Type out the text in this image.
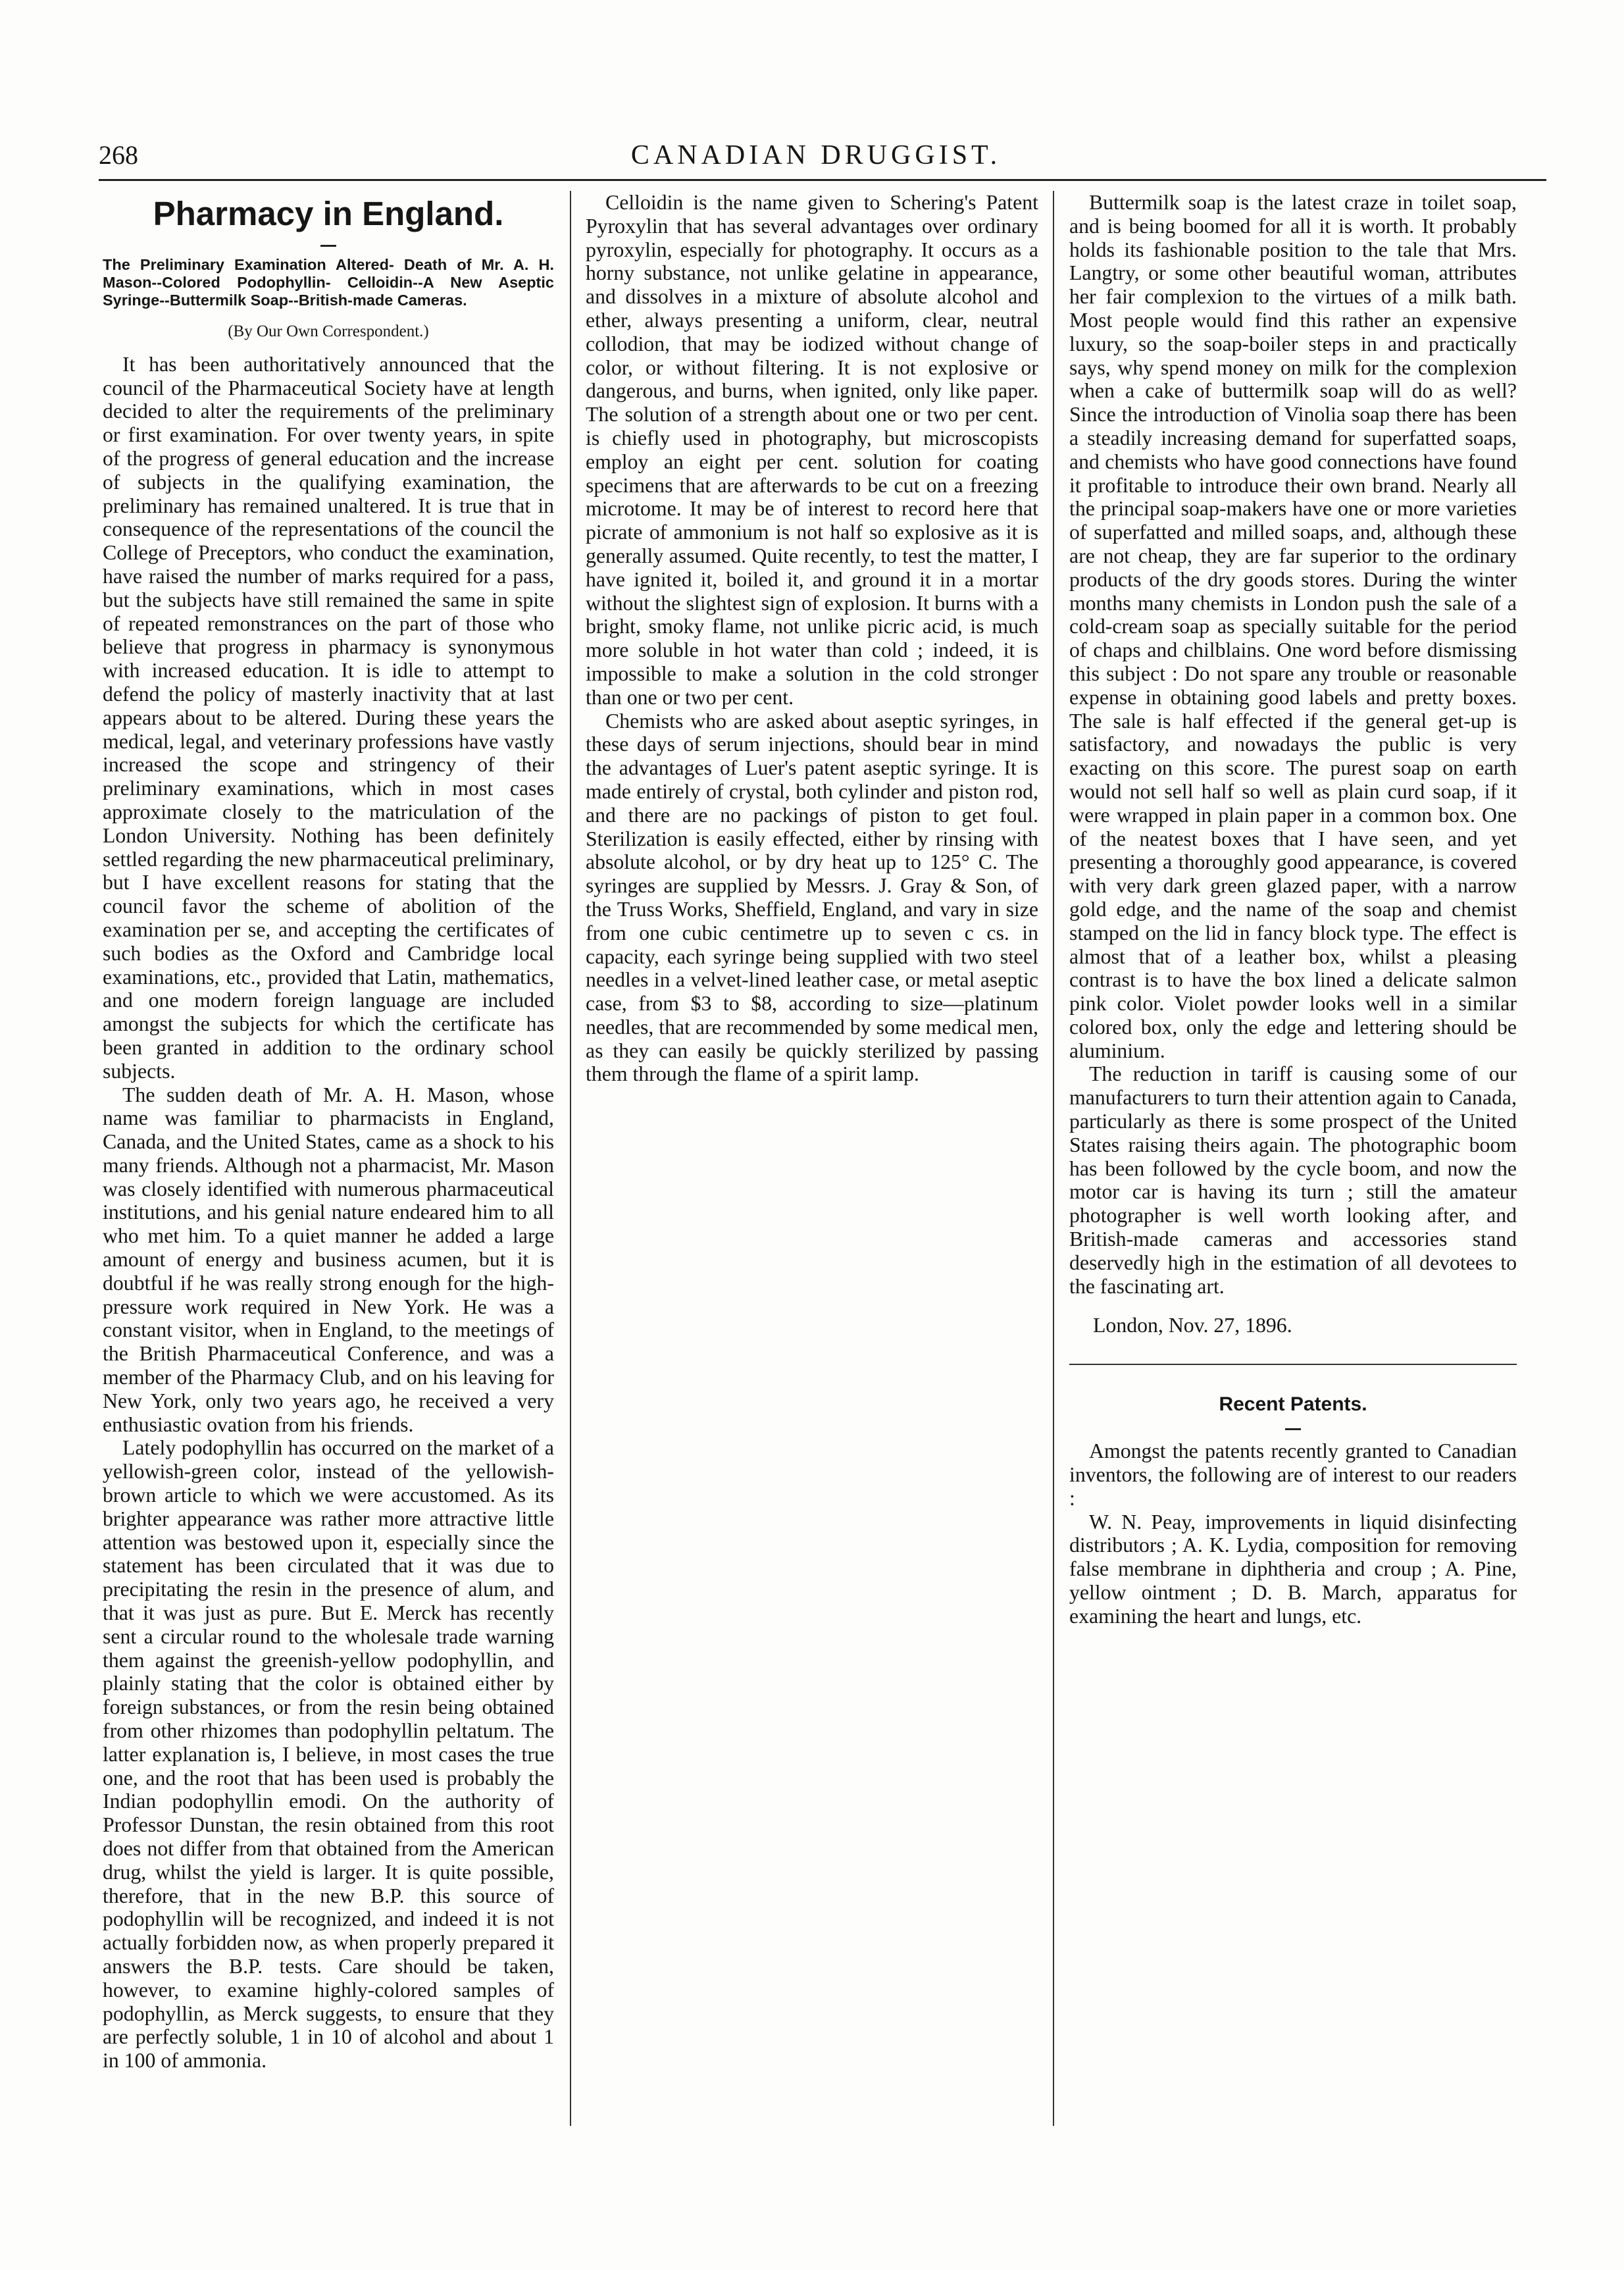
268	CANADIAN DRUGGIST.
Pharmacy in England.

The Preliminary Examination Altered- Death of Mr. A. H. Mason--Colored Podophyllin- Celloidin--A New Aseptic Syringe--Buttermilk Soap--British-made Cameras.

(By Our Own Correspondent.)

It has been authoritatively announced that the council of the Pharmaceutical Society have at length decided to alter the requirements of the preliminary or first examination. For over twenty years, in spite of the progress of general education and the increase of subjects in the qualifying examination, the preliminary has remained unaltered. It is true that in consequence of the representations of the council the College of Preceptors, who conduct the examination, have raised the number of marks required for a pass, but the subjects have still remained the same in spite of repeated remonstrances on the part of those who believe that progress in pharmacy is synonymous with increased education. It is idle to attempt to defend the policy of masterly inactivity that at last appears about to be altered. During these years the medical, legal, and veterinary professions have vastly increased the scope and stringency of their preliminary examinations, which in most cases approximate closely to the matriculation of the London University. Nothing has been definitely settled regarding the new pharmaceutical preliminary, but I have excellent reasons for stating that the council favor the scheme of abolition of the examination per se, and accepting the certificates of such bodies as the Oxford and Cambridge local examinations, etc., provided that Latin, mathematics, and one modern foreign language are included amongst the subjects for which the certificate has been granted in addition to the ordinary school subjects.

The sudden death of Mr. A. H. Mason, whose name was familiar to pharmacists in England, Canada, and the United States, came as a shock to his many friends. Although not a pharmacist, Mr. Mason was closely identified with numerous pharmaceutical institutions, and his genial nature endeared him to all who met him. To a quiet manner he added a large amount of energy and business acumen, but it is doubtful if he was really strong enough for the high-pressure work required in New York. He was a constant visitor, when in England, to the meetings of the British Pharmaceutical Conference, and was a member of the Pharmacy Club, and on his leaving for New York, only two years ago, he received a very enthusiastic ovation from his friends.

Lately podophyllin has occurred on the market of a yellowish-green color, instead of the yellowish-brown article to which we were accustomed. As its brighter appearance was rather more attractive little attention was bestowed upon it, especially since the statement has been circulated that it was due to precipitating the resin in the presence of alum, and that it was just as pure. But E. Merck has recently sent a circular round to the wholesale trade warning them against the greenish-yellow podophyllin, and plainly stating that the color is obtained either by foreign substances, or from the resin being obtained from other rhizomes than podophyllin peltatum. The latter explanation is, I believe, in most cases the true one, and the root that has been used is probably the Indian podophyllin emodi. On the authority of Professor Dunstan, the resin obtained from this root does not differ from that obtained from the American drug, whilst the yield is larger. It is quite possible, therefore, that in the new B.P. this source of podophyllin will be recognized, and indeed it is not actually forbidden now, as when properly prepared it answers the B.P. tests. Care should be taken, however, to examine highly-colored samples of podophyllin, as Merck suggests, to ensure that they are perfectly soluble, 1 in 10 of alcohol and about 1 in 100 of ammonia.

Celloidin is the name given to Schering's Patent Pyroxylin that has several advantages over ordinary pyroxylin, especially for photography. It occurs as a horny substance, not unlike gelatine in appearance, and dissolves in a mixture of absolute alcohol and ether, always presenting a uniform, clear, neutral collodion, that may be iodized without change of color, or without filtering. It is not explosive or dangerous, and burns, when ignited, only like paper. The solution of a strength about one or two per cent. is chiefly used in photography, but microscopists employ an eight per cent. solution for coating specimens that are afterwards to be cut on a freezing microtome. It may be of interest to record here that picrate of ammonium is not half so explosive as it is generally assumed. Quite recently, to test the matter, I have ignited it, boiled it, and ground it in a mortar without the slightest sign of explosion. It burns with a bright, smoky flame, not unlike picric acid, is much more soluble in hot water than cold ; indeed, it is impossible to make a solution in the cold stronger than one or two per cent.

Chemists who are asked about aseptic syringes, in these days of serum injections, should bear in mind the advantages of Luer's patent aseptic syringe. It is made entirely of crystal, both cylinder and piston rod, and there are no packings of piston to get foul. Sterilization is easily effected, either by rinsing with absolute alcohol, or by dry heat up to 125° C. The syringes are supplied by Messrs. J. Gray & Son, of the Truss Works, Sheffield, England, and vary in size from one cubic centimetre up to seven c cs. in capacity, each syringe being supplied with two steel needles in a velvet-lined leather case, or metal aseptic case, from $3 to $8, according to size—platinum needles, that are recommended by some medical men, as they can easily be quickly sterilized by passing them through the flame of a spirit lamp.

Buttermilk soap is the latest craze in toilet soap, and is being boomed for all it is worth. It probably holds its fashionable position to the tale that Mrs. Langtry, or some other beautiful woman, attributes her fair complexion to the virtues of a milk bath. Most people would find this rather an expensive luxury, so the soap-boiler steps in and practically says, why spend money on milk for the complexion when a cake of buttermilk soap will do as well? Since the introduction of Vinolia soap there has been a steadily increasing demand for superfatted soaps, and chemists who have good connections have found it profitable to introduce their own brand. Nearly all the principal soap-makers have one or more varieties of superfatted and milled soaps, and, although these are not cheap, they are far superior to the ordinary products of the dry goods stores. During the winter months many chemists in London push the sale of a cold-cream soap as specially suitable for the period of chaps and chilblains. One word before dismissing this subject : Do not spare any trouble or reasonable expense in obtaining good labels and pretty boxes. The sale is half effected if the general get-up is satisfactory, and nowadays the public is very exacting on this score. The purest soap on earth would not sell half so well as plain curd soap, if it were wrapped in plain paper in a common box. One of the neatest boxes that I have seen, and yet presenting a thoroughly good appearance, is covered with very dark green glazed paper, with a narrow gold edge, and the name of the soap and chemist stamped on the lid in fancy block type. The effect is almost that of a leather box, whilst a pleasing contrast is to have the box lined a delicate salmon pink color. Violet powder looks well in a similar colored box, only the edge and lettering should be aluminium.

The reduction in tariff is causing some of our manufacturers to turn their attention again to Canada, particularly as there is some prospect of the United States raising theirs again. The photographic boom has been followed by the cycle boom, and now the motor car is having its turn ; still the amateur photographer is well worth looking after, and British-made cameras and accessories stand deservedly high in the estimation of all devotees to the fascinating art.

London, Nov. 27, 1896.

Recent Patents.

Amongst the patents recently granted to Canadian inventors, the following are of interest to our readers :

W. N. Peay, improvements in liquid disinfecting distributors ; A. K. Lydia, composition for removing false membrane in diphtheria and croup ; A. Pine, yellow ointment ; D. B. March, apparatus for examining the heart and lungs, etc.
